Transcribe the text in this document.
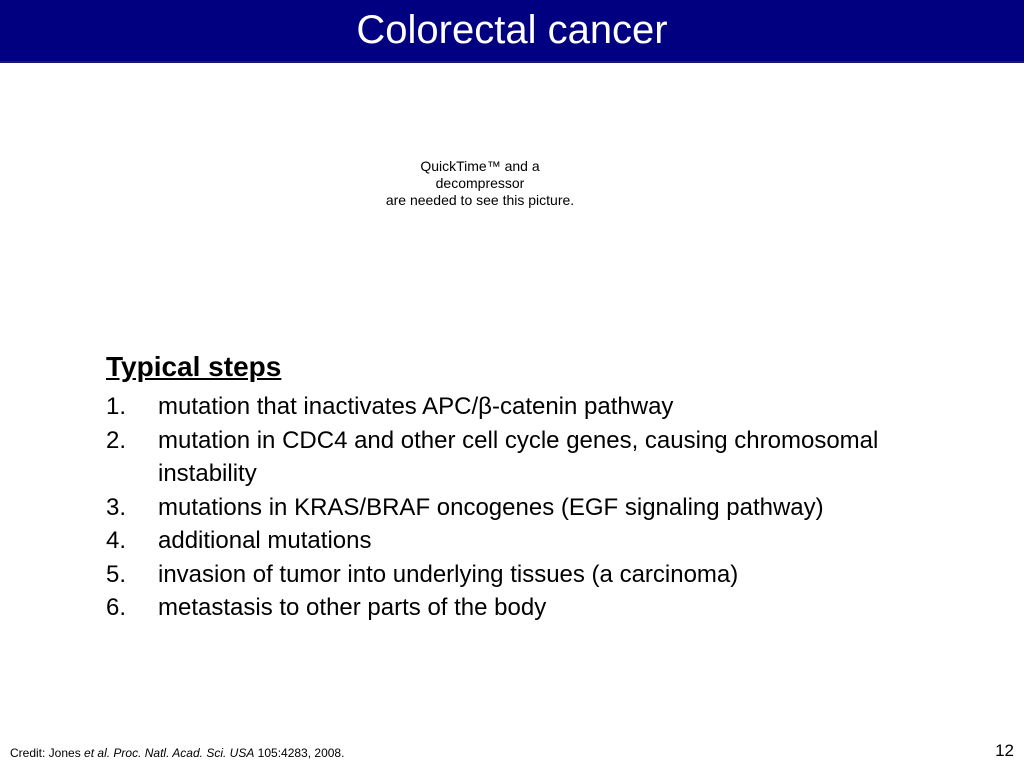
Colorectal cancer
QuickTime™ and a
decompressor
are needed to see this picture.
Typical steps
1.	mutation that inactivates APC/β-catenin pathway
2.	mutation in CDC4 and other cell cycle genes, causing chromosomal instability
3.	mutations in KRAS/BRAF oncogenes (EGF signaling pathway)
4.	additional mutations
5.	invasion of tumor into underlying tissues (a carcinoma)
6.	metastasis to other parts of the body
Credit: Jones et al. Proc. Natl. Acad. Sci. USA 105:4283, 2008.	12
